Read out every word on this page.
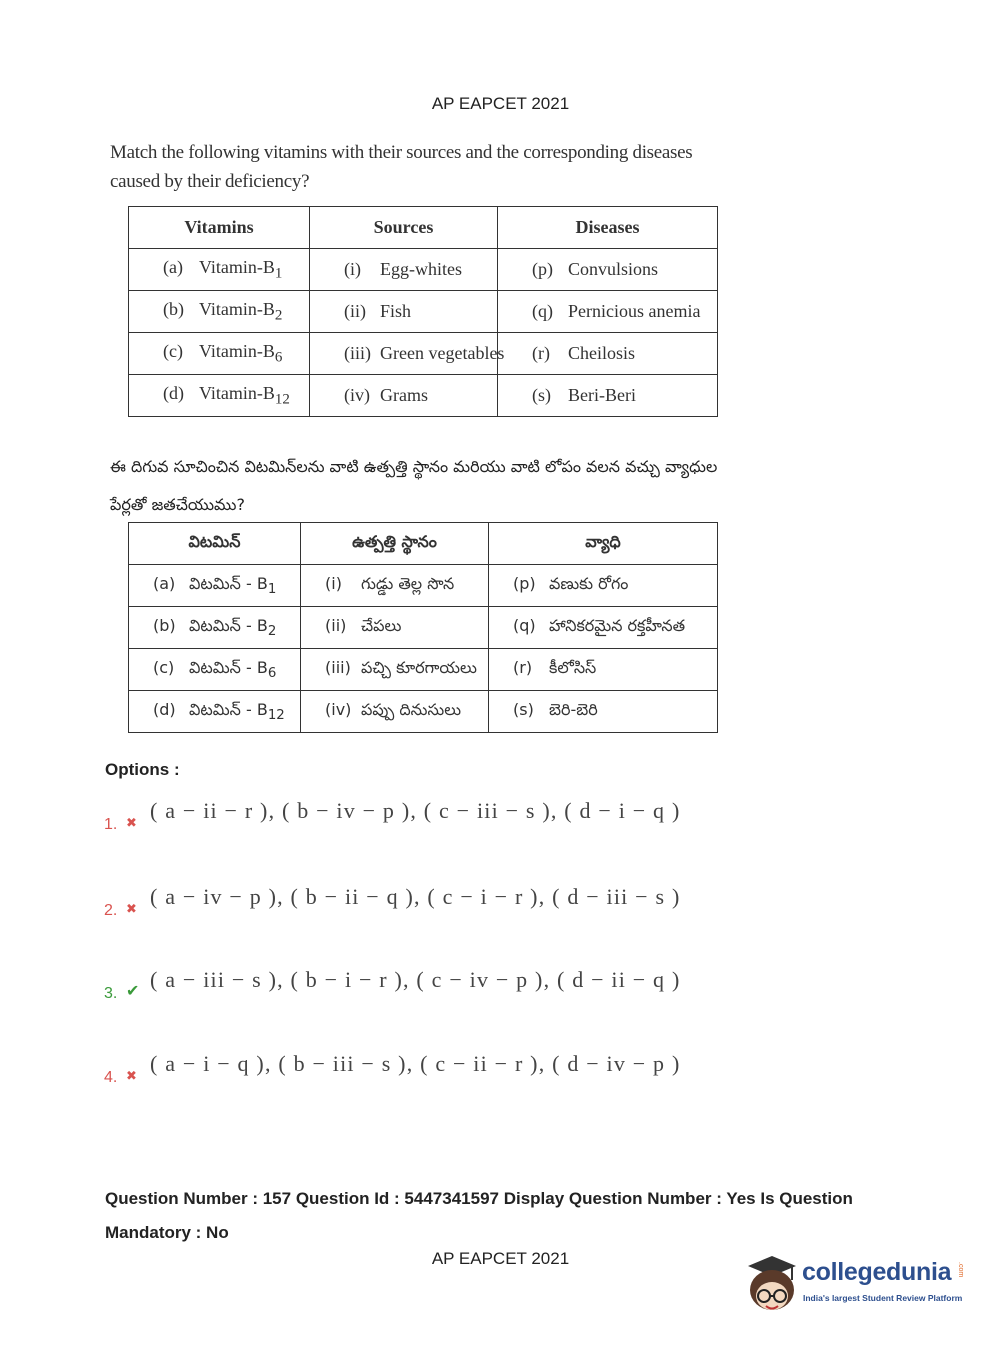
AP EAPCET 2021

Match the following vitamins with their sources and the corresponding diseases caused by their deficiency?

Vitamins	Sources	Diseases
(a) Vitamin-$B_1$	(i) Egg-whites	(p) Convulsions
(b) Vitamin-$B_2$	(ii) Fish	(q) Pernicious anemia
(c) Vitamin-$B_6$	(iii) Green vegetables	(r) Cheilosis
(d) Vitamin-$B_{12}$	(iv) Grams	(s) Beri-Beri

ఈ దిగువ సూచించిన విటమిన్‌లను వాటి ఉత్పత్తి స్థానం మరియు వాటి లోపం వలన వచ్చు వ్యాధుల పేర్లతో జతచేయుము?

విటమిన్	ఉత్పత్తి స్థానం	వ్యాధి
(a) విటమిన్ - $B_1$	(i) గుడ్డు తెల్ల సొన	(p) వణుకు రోగం
(b) విటమిన్ - $B_2$	(ii) చేపలు	(q) హానికరమైన రక్తహీనత
(c) విటమిన్ - $B_6$	(iii) పచ్చి కూరగాయలు	(r) కీలోసిస్
(d) విటమిన్ - $B_{12}$	(iv) పప్పు దినుసులు	(s) బెరి-బెరి
Options :
1. ✖ ( a − ii − r ), ( b − iv − p ), ( c − iii − s ), ( d − i − q )
2. ✖ ( a − iv − p ), ( b − ii − q ), ( c − i − r ), ( d − iii − s )
3. ✔ ( a − iii − s ), ( b − i − r ), ( c − iv − p ), ( d − ii − q )
4. ✖ ( a − i − q ), ( b − iii − s ), ( c − ii − r ), ( d − iv − p )
Question Number : 157 Question Id : 5447341597 Display Question Number : Yes Is Question Mandatory : No
AP EAPCET 2021	collegedunia .com
India's largest Student Review Platform
